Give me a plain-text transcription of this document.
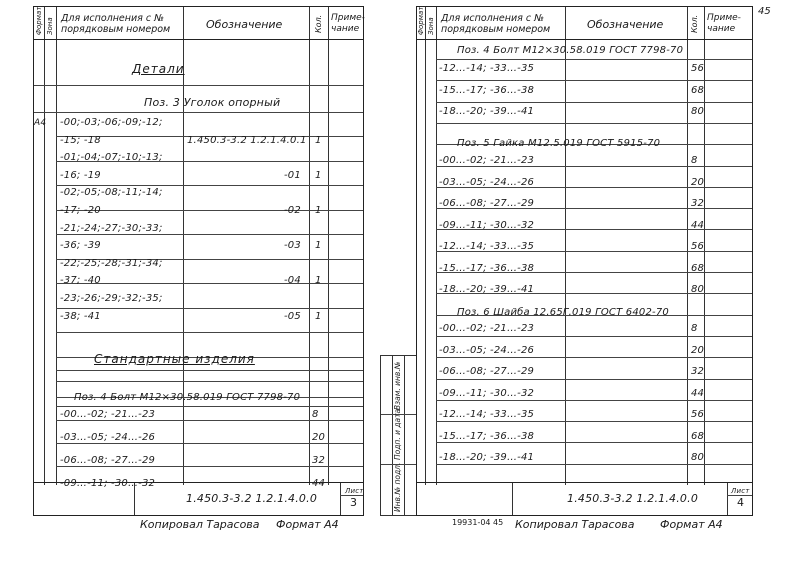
Формат Зона Для исполнения с № порядковым номером	Обозначение	Кол. Приме- чание
Детали
Поз. 3 Уголок опорный
А4 -00;-03;-06;-09;-12;
-15; -18	1.450.3-3.2 1.2.1.4.0.1 1
-01;-04;-07;-10;-13;
-16; -19	-01 1
-02;-05;-08;-11;-14;
-17; -20	-02 1
-21;-24;-27;-30;-33;
-36; -39	-03 1
-22;-25;-28;-31;-34;
-37; -40	-04 1
-23;-26;-29;-32;-35;
-38; -41	-05 1
Стандартные изделия
Поз. 4 Болт М12×30.58.019 ГОСТ 7798-70
-00…-02; -21…-23	8
-03…-05; -24…-26	20
-06…-08; -27…-29	32
-09…-11; -30…-32	44
1.450.3-3.2 1.2.1.4.0.0
Лист
3
Копировал Тарасова Формат А4
45
Формат Зона Для исполнения с № порядковым номером	Обозначение	Кол. Приме- чание
Поз. 4 Болт М12×30.58.019 ГОСТ 7798-70
-12…-14; -33…-35	56
-15…-17; -36…-38	68
-18…-20; -39…-41	80
Поз. 5 Гайка М12.5.019 ГОСТ 5915-70
-00…-02; -21…-23	8
-03…-05; -24…-26	20
-06…-08; -27…-29	32
-09…-11; -30…-32	44
-12…-14; -33…-35	56
-15…-17; -36…-38	68
-18…-20; -39…-41	80
Поз. 6 Шайба 12.65Г.019 ГОСТ 6402-70
-00…-02; -21…-23	8
-03…-05; -24…-26	20
-06…-08; -27…-29	32
-09…-11; -30…-32	44
-12…-14; -33…-35	56
-15…-17; -36…-38	68
-18…-20; -39…-41	80
1.450.3-3.2 1.2.1.4.0.0
Лист
4
Инв.№ подл.
Подп. и дата
Взам. инв.№
19931-04 45 Копировал Тарасова Формат А4
